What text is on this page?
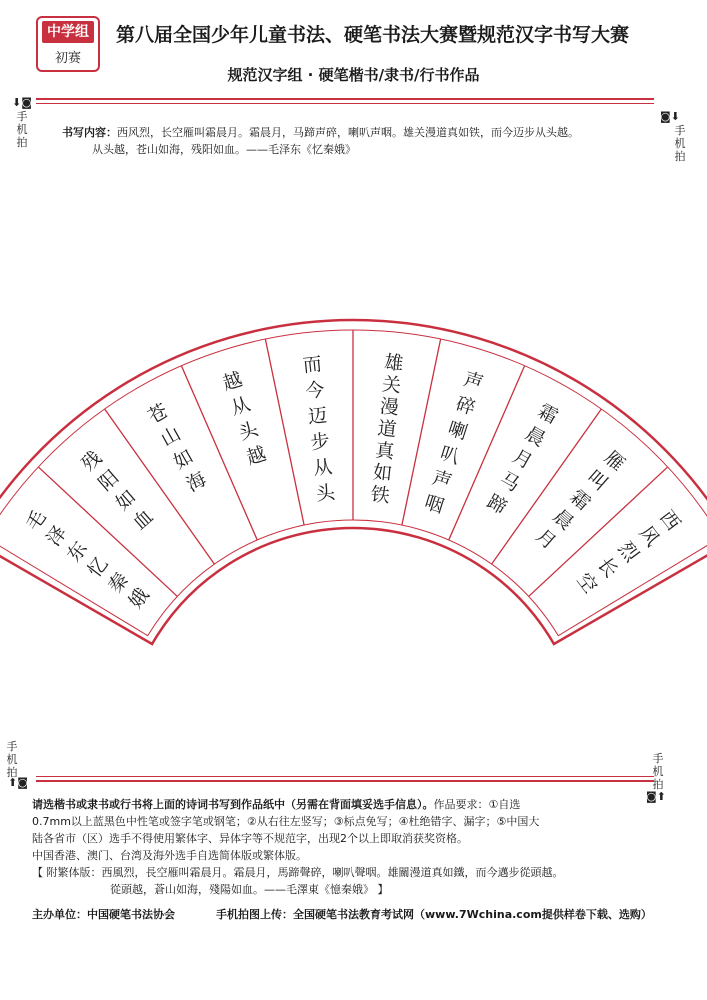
中学组
初赛
第八届全国少年儿童书法、硬笔书法大赛暨规范汉字书写大赛
规范汉字组 · 硬笔楷书/隶书/行书作品
⬇◙
手机拍
◙⬇
手机拍
手机拍
⬆◙
手机拍
◙⬆
书写内容：西风烈，长空雁叫霜晨月。霜晨月，马蹄声碎，喇叭声咽。雄关漫道真如铁，而今迈步从头越。
从头越，苍山如海，残阳如血。——毛泽东《忆秦娥》
西
风
烈
长
空
雁
叫
霜
晨
月
霜
晨
月
马
蹄
声
碎
喇
叭
声
咽
雄
关
漫
道
真
如
铁
而
今
迈
步
从
头
越
从
头
越
苍
山
如
海
残
阳
如
血
毛
泽
东
忆
秦
娥
请选楷书或隶书或行书将上面的诗词书写到作品纸中（另需在背面填妥选手信息）。作品要求：①自选
0.7mm以上蓝黑色中性笔或签字笔或钢笔；②从右往左竖写；③标点免写；④杜绝错字、漏字；⑤中国大
陆各省市（区）选手不得使用繁体字、异体字等不规范字，出现2个以上即取消获奖资格。
中国香港、澳门、台湾及海外选手自选简体版或繁体版。
【 附繁体版：西風烈，長空雁叫霜晨月。霜晨月，馬蹄聲碎，喇叭聲咽。雄關漫道真如鐵，而今邁步從頭越。
從頭越，蒼山如海，殘陽如血。——毛澤東《憶秦娥》 】
主办单位：中国硬笔书法协会	手机拍图上传：全国硬笔书法教育考试网（www.7Wchina.com提供样卷下载、选购）
